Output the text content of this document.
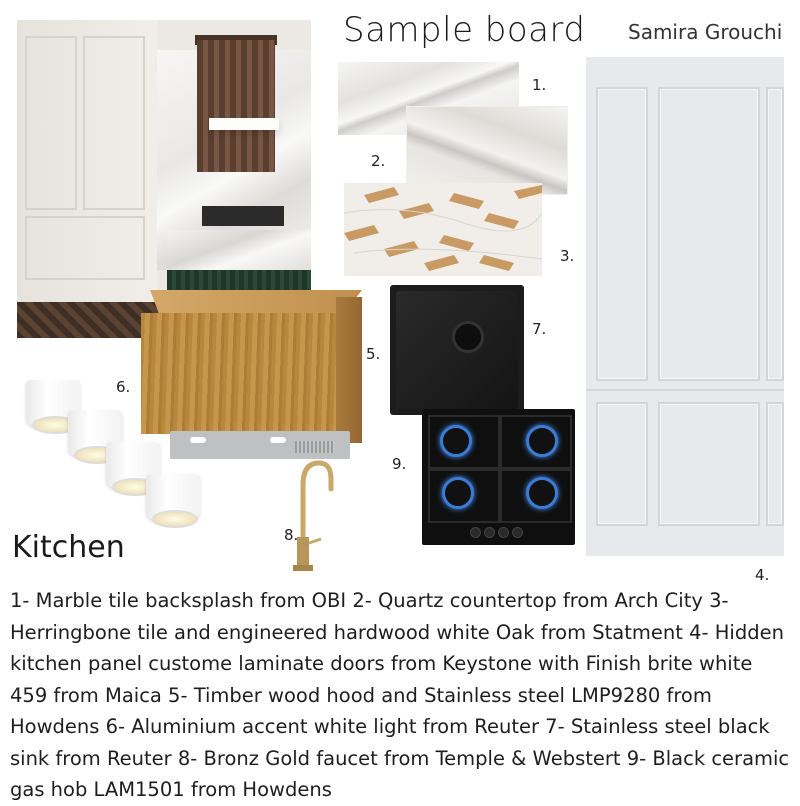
Sample board Samira Grouchi
1.
2.
3.
4.
5.
6.
7.
8.
9.
Kitchen
1- Marble tile backsplash from OBI 2- Quartz countertop from Arch City 3- Herringbone tile and engineered hardwood white Oak from Statment 4- Hidden kitchen panel custome laminate doors from Keystone with Finish brite white 459 from Maica 5- Timber wood hood and Stainless steel LMP9280 from Howdens 6- Aluminium accent white light from Reuter 7- Stainless steel black sink from Reuter 8- Bronz Gold faucet from Temple & Webstert 9- Black ceramic gas hob LAM1501 from Howdens
